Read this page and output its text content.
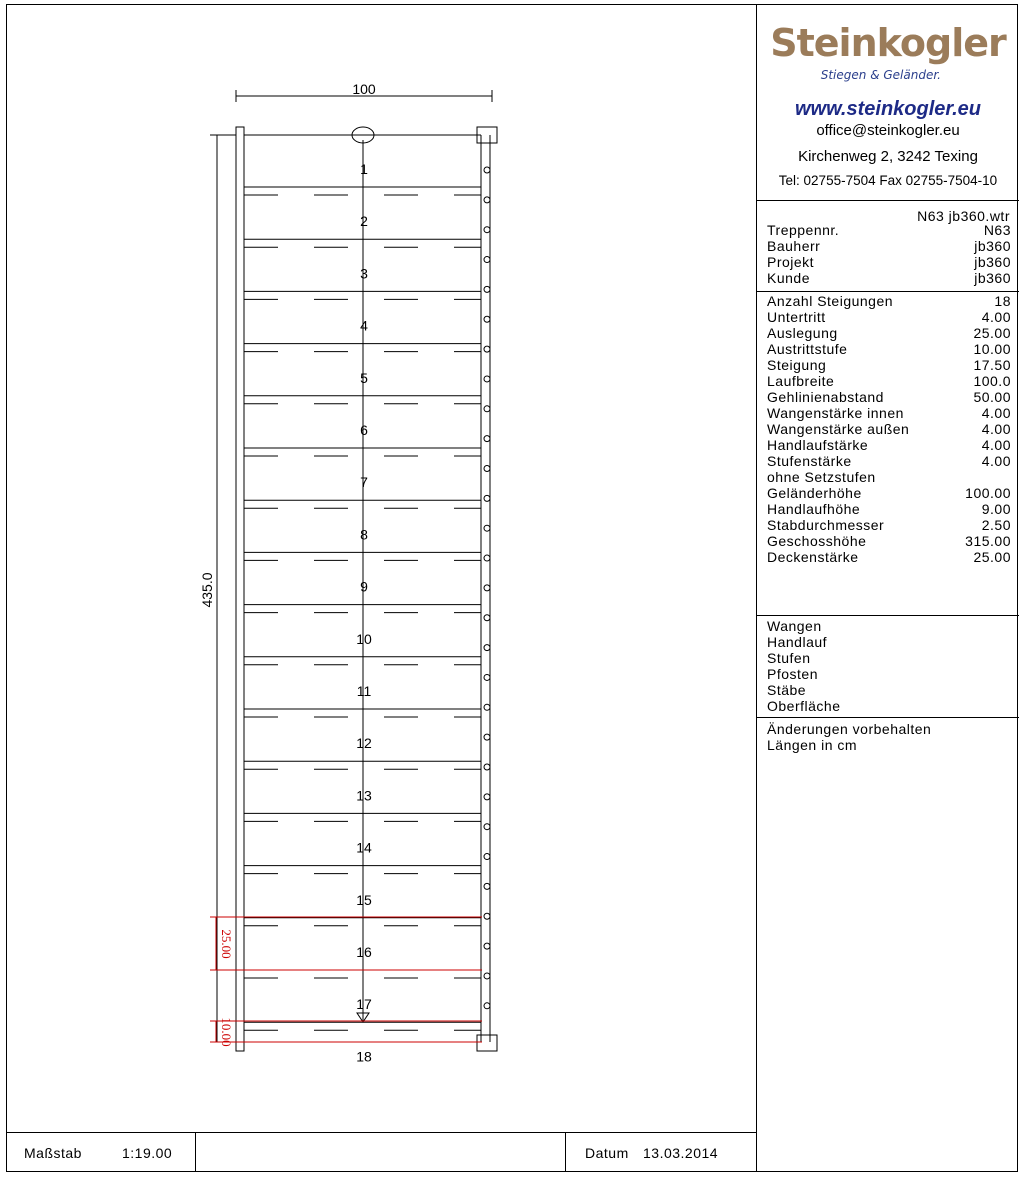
1
2
3
4
5
6
7
8
9
10
11
12
13
14
15
16
17
18
100
435.0
25.00
10.00
Steinkogler
Stiegen & Geländer.
www.steinkogler.eu
office@steinkogler.eu
Kirchenweg 2, 3242 Texing
Tel: 02755-7504 Fax 02755-7504-10
N63 jb360.wtr
Treppennr.	N63
Bauherr	jb360
Projekt	jb360
Kunde	jb360
Anzahl Steigungen	18
Untertritt	4.00
Auslegung	25.00
Austrittstufe	10.00
Steigung	17.50
Laufbreite	100.0
Gehlinienabstand	50.00
Wangenstärke innen	4.00
Wangenstärke außen	4.00
Handlaufstärke	4.00
Stufenstärke	4.00
ohne Setzstufen
Geländerhöhe	100.00
Handlaufhöhe	9.00
Stabdurchmesser	2.50
Geschosshöhe	315.00
Deckenstärke	25.00
Wangen
Handlauf
Stufen
Pfosten
Stäbe
Oberfläche
Änderungen vorbehalten
Längen in cm
Maßstab	1:19.00	Datum 13.03.2014
